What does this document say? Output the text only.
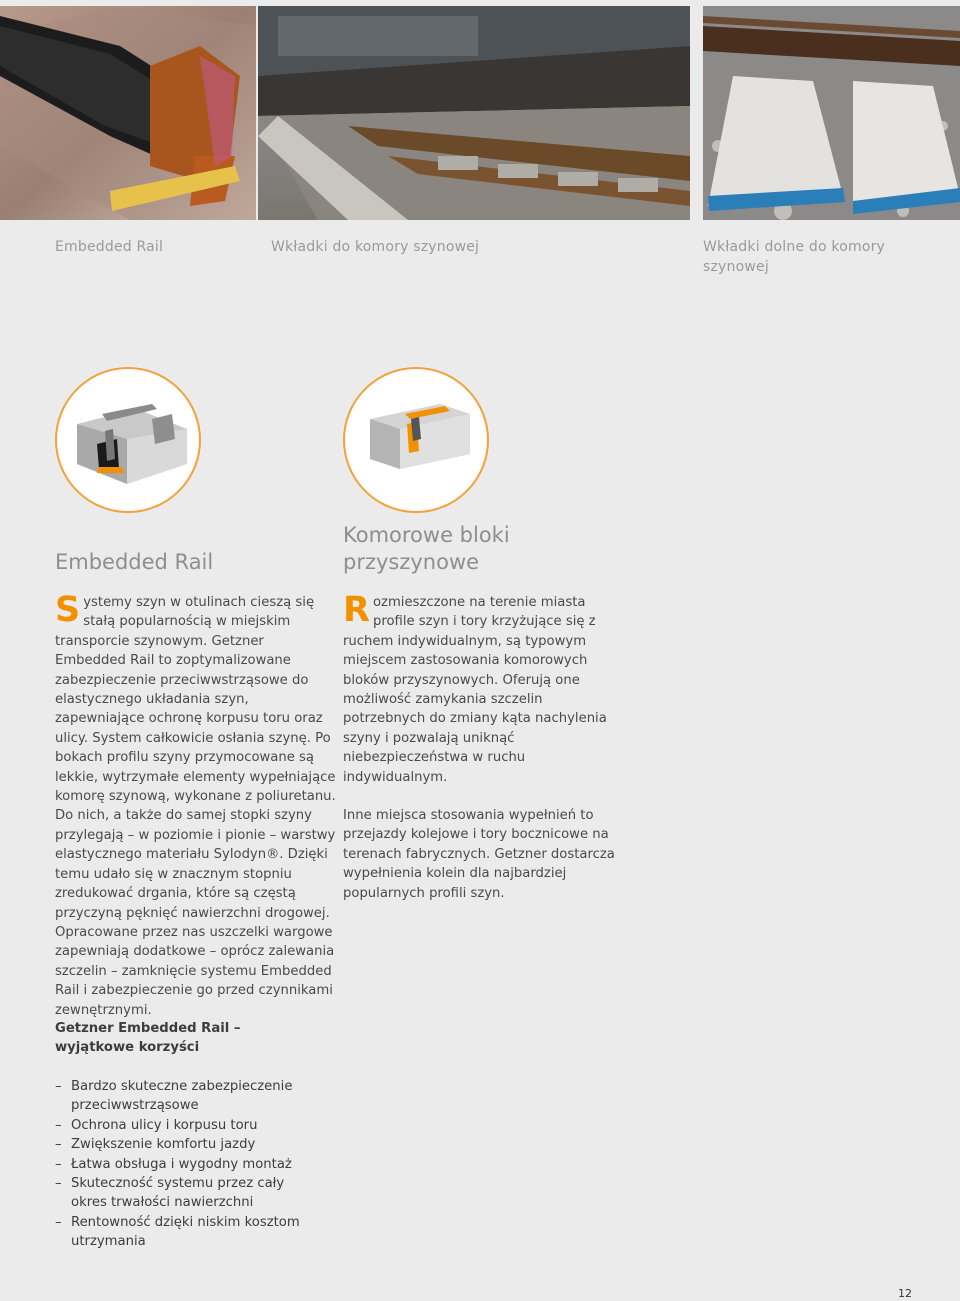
Embedded Rail	Wkładki do komory szynowej	Wkładki dolne do komory szynowej
Embedded Rail
Komorowe bloki przyszynowe

Systemy szyn w otulinach cieszą się stałą popularnością w miejskim transporcie szynowym. Getzner Embedded Rail to zoptymalizowane zabezpieczenie przeciwwstrząsowe do elastycznego układania szyn, zapewniające ochronę korpusu toru oraz ulicy. System całkowicie osłania szynę. Po bokach profilu szyny przymocowane są lekkie, wytrzymałe elementy wypełniające komorę szynową, wykonane z poliuretanu. Do nich, a także do samej stopki szyny przylegają – w poziomie i pionie – warstwy elastycznego materiału Sylodyn®. Dzięki temu udało się w znacznym stopniu zredukować drgania, które są częstą przyczyną pęknięć nawierzchni drogowej. Opracowane przez nas uszczelki wargowe zapewniają dodatkowe – oprócz zalewania szczelin – zamknięcie systemu Embedded Rail i zabezpieczenie go przed czynnikami zewnętrznymi.

Rozmieszczone na terenie miasta profile szyn i tory krzyżujące się z ruchem indywidualnym, są typowym miejscem zastosowania komorowych bloków przyszynowych. Oferują one możliwość zamykania szczelin potrzebnych do zmiany kąta nachylenia szyny i pozwalają uniknąć niebezpieczeństwa w ruchu indywidualnym.

Inne miejsca stosowania wypełnień to przejazdy kolejowe i tory bocznicowe na terenach fabrycznych. Getzner dostarcza wypełnienia kolein dla najbardziej popularnych profili szyn.

Getzner Embedded Rail – wyjątkowe korzyści

– Bardzo skuteczne zabezpieczenie przeciwwstrząsowe
– Ochrona ulicy i korpusu toru
– Zwiększenie komfortu jazdy
– Łatwa obsługa i wygodny montaż
– Skuteczność systemu przez cały okres trwałości nawierzchni
– Rentowność dzięki niskim kosztom utrzymania
12
